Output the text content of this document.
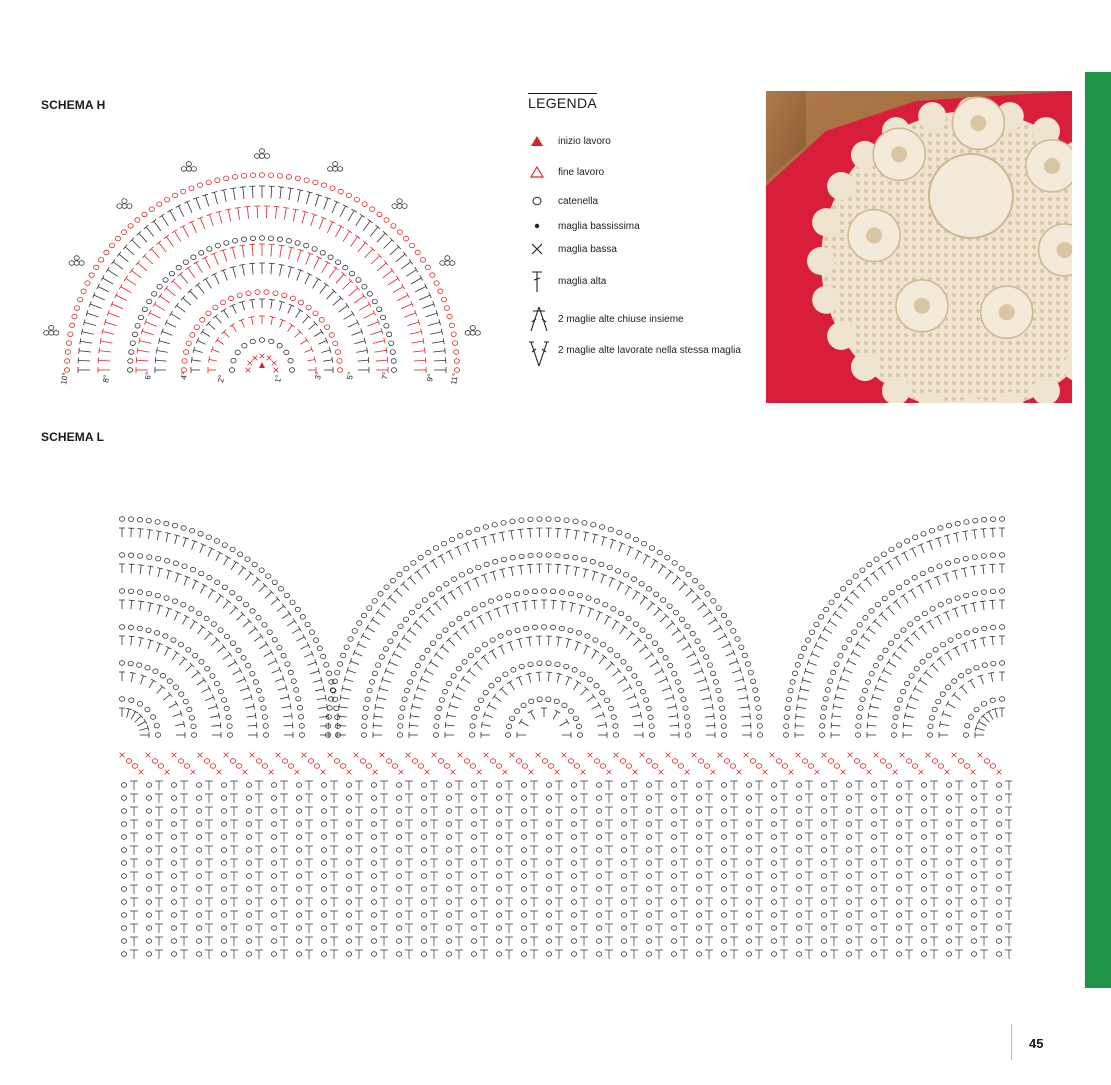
SCHEMA H
1°
2°	3°
4°	5°
6°	7°
8°	9°
10°	11°
LEGENDA
inizio lavoro
fine lavoro
catenella
maglia bassissima
maglia bassa
maglia alta
2 maglie alte chiuse insieme
2 maglie alte lavorate nella stessa maglia
SCHEMA L
45
